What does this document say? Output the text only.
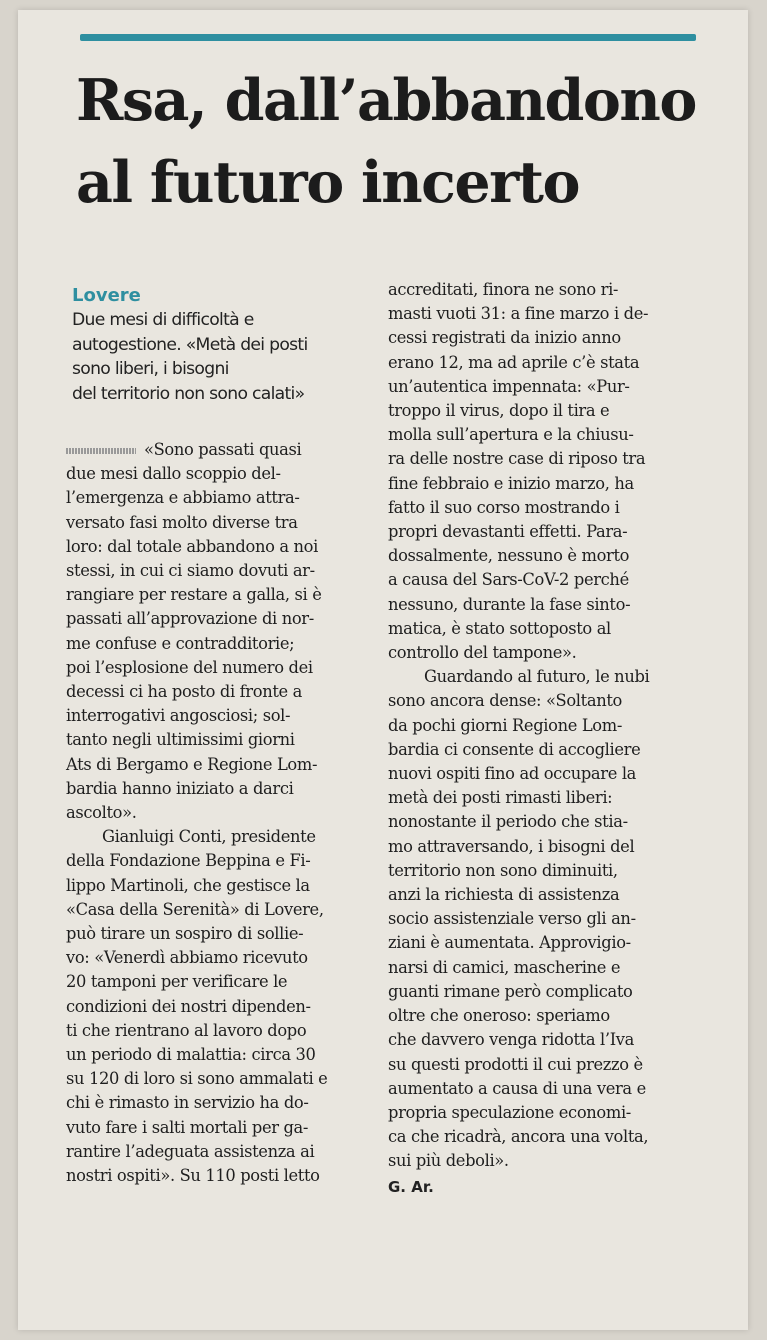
Rsa, dall’abbandono
al futuro incerto

Lovere

Due mesi di difficoltà e
autogestione. «Metà dei posti
sono liberi, i bisogni
del territorio non sono calati»

«Sono passati quasi
due mesi dallo scoppio del-
l’emergenza e abbiamo attra-
versato fasi molto diverse tra
loro: dal totale abbandono a noi
stessi, in cui ci siamo dovuti ar-
rangiare per restare a galla, si è
passati all’approvazione di nor-
me confuse e contradditorie;
poi l’esplosione del numero dei
decessi ci ha posto di fronte a
interrogativi angosciosi; sol-
tanto negli ultimissimi giorni
Ats di Bergamo e Regione Lom-
bardia hanno iniziato a darci
ascolto».
Gianluigi Conti, presidente
della Fondazione Beppina e Fi-
lippo Martinoli, che gestisce la
«Casa della Serenità» di Lovere,
può tirare un sospiro di sollie-
vo: «Venerdì abbiamo ricevuto
20 tamponi per verificare le
condizioni dei nostri dipenden-
ti che rientrano al lavoro dopo
un periodo di malattia: circa 30
su 120 di loro si sono ammalati e
chi è rimasto in servizio ha do-
vuto fare i salti mortali per ga-
rantire l’adeguata assistenza ai
nostri ospiti». Su 110 posti letto

accreditati, finora ne sono ri-
masti vuoti 31: a fine marzo i de-
cessi registrati da inizio anno
erano 12, ma ad aprile c’è stata
un’autentica impennata: «Pur-
troppo il virus, dopo il tira e
molla sull’apertura e la chiusu-
ra delle nostre case di riposo tra
fine febbraio e inizio marzo, ha
fatto il suo corso mostrando i
propri devastanti effetti. Para-
dossalmente, nessuno è morto
a causa del Sars-CoV-2 perché
nessuno, durante la fase sinto-
matica, è stato sottoposto al
controllo del tampone».
Guardando al futuro, le nubi
sono ancora dense: «Soltanto
da pochi giorni Regione Lom-
bardia ci consente di accogliere
nuovi ospiti fino ad occupare la
metà dei posti rimasti liberi:
nonostante il periodo che stia-
mo attraversando, i bisogni del
territorio non sono diminuiti,
anzi la richiesta di assistenza
socio assistenziale verso gli an-
ziani è aumentata. Approvigio-
narsi di camici, mascherine e
guanti rimane però complicato
oltre che oneroso: speriamo
che davvero venga ridotta l’Iva
su questi prodotti il cui prezzo è
aumentato a causa di una vera e
propria speculazione economi-
ca che ricadrà, ancora una volta,
sui più deboli».

G. Ar.
